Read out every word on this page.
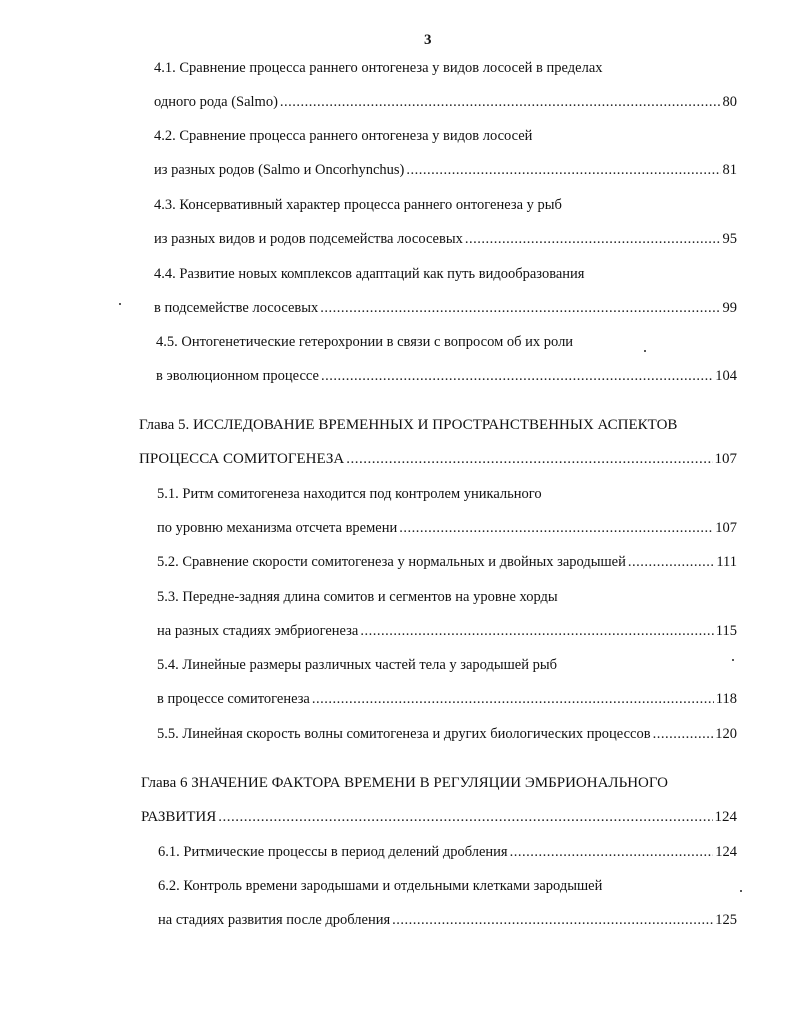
3
4.1. Сравнение процесса раннего онтогенеза у видов лососей в пределах
одного рода (Salmo) .....	80
4.2. Сравнение процесса раннего онтогенеза у видов лососей
из разных родов (Salmo и Oncorhynchus) .....	81
4.3. Консервативный характер процесса раннего онтогенеза у рыб
из разных видов и родов подсемейства лососевых .....	95
4.4. Развитие новых комплексов адаптаций как путь видообразования
в подсемействе лососевых .....	99
4.5. Онтогенетические гетерохронии в связи с вопросом об их роли
в эволюционном процессе .....	104
Глава 5. ИССЛЕДОВАНИЕ ВРЕМЕННЫХ И ПРОСТРАНСТВЕННЫХ АСПЕКТОВ
ПРОЦЕССА СОМИТОГЕНЕЗА .....	107
5.1. Ритм сомитогенеза находится под контролем уникального
по уровню механизма отсчета времени .....	107
5.2. Сравнение скорости сомитогенеза у нормальных и двойных зародышей .....	111
5.3. Передне-задняя длина сомитов и сегментов на уровне хорды
на разных стадиях эмбриогенеза .....	115
5.4. Линейные размеры различных частей тела у зародышей рыб
в процессе сомитогенеза .....	118
5.5. Линейная скорость волны сомитогенеза и других биологических процессов .....	120
Глава 6 ЗНАЧЕНИЕ ФАКТОРА ВРЕМЕНИ В РЕГУЛЯЦИИ ЭМБРИОНАЛЬНОГО
РАЗВИТИЯ .....	124
6.1. Ритмические процессы в период делений дробления .....	124
6.2. Контроль времени зародышами и отдельными клетками зародышей
на стадиях развития после дробления .....	125
